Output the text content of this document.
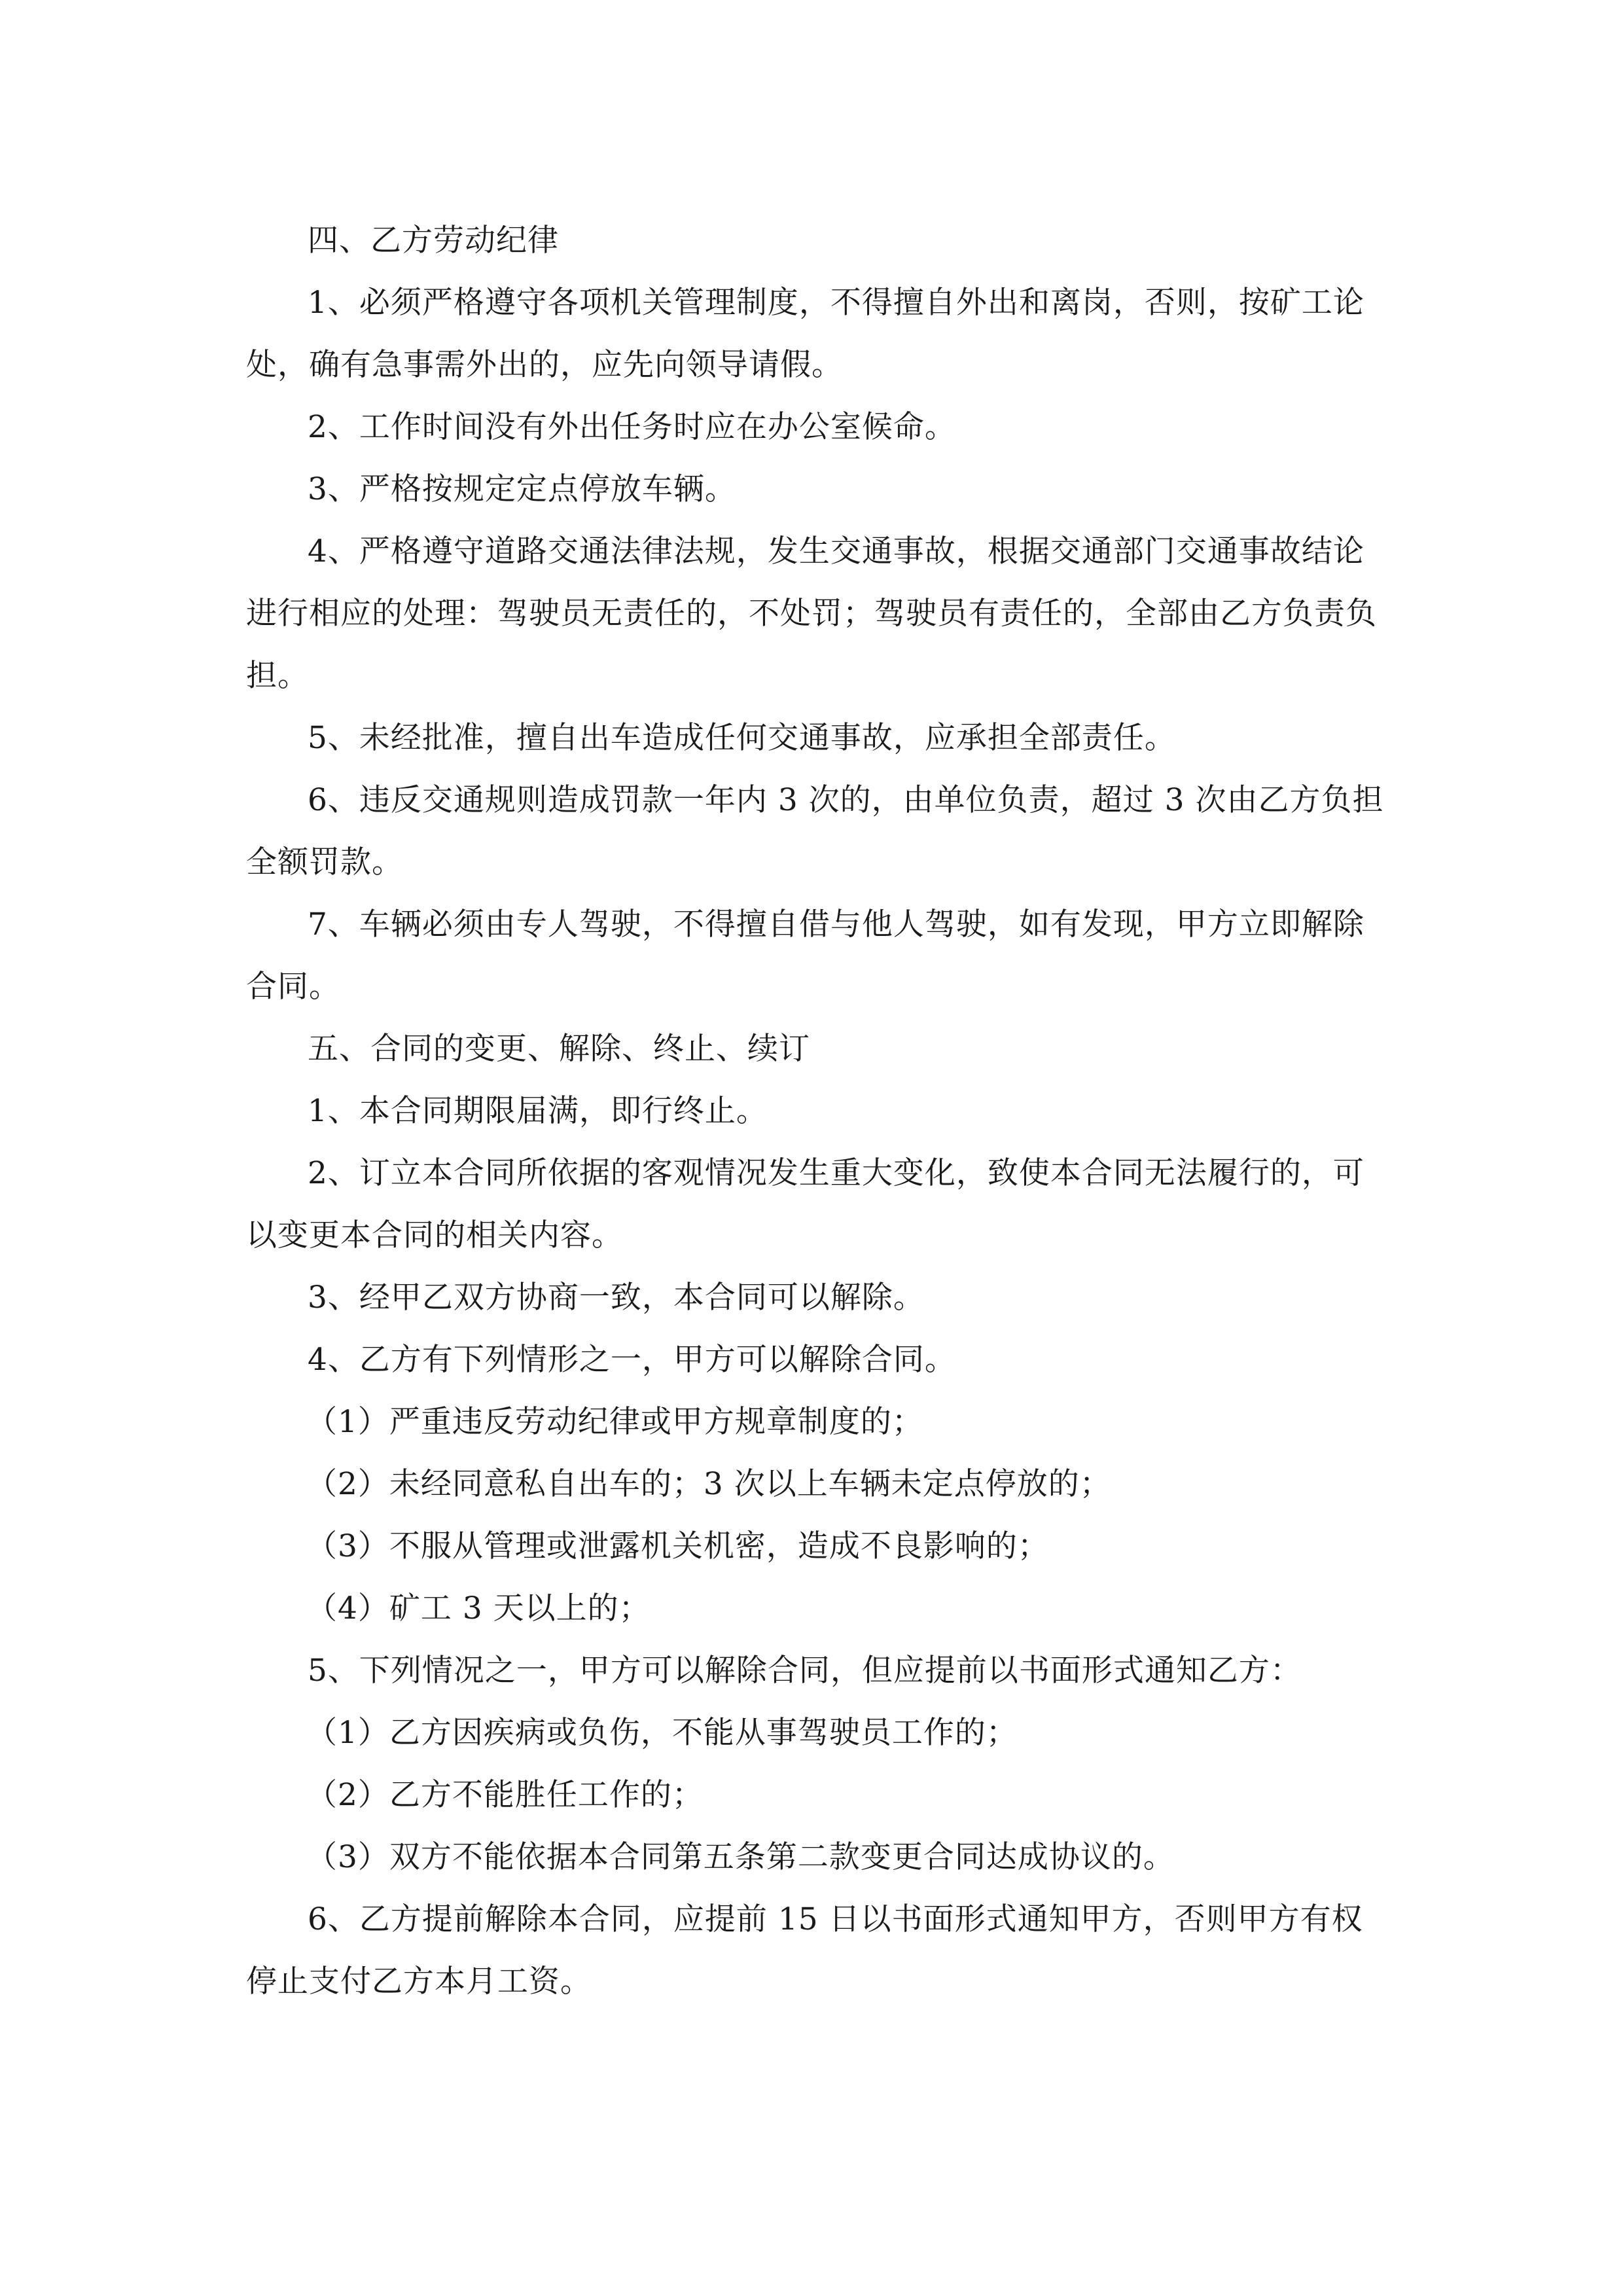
四、乙方劳动纪律

1、必须严格遵守各项机关管理制度，不得擅自外出和离岗，否则，按矿工论处，确有急事需外出的，应先向领导请假。

2、工作时间没有外出任务时应在办公室候命。

3、严格按规定定点停放车辆。

4、严格遵守道路交通法律法规，发生交通事故，根据交通部门交通事故结论进行相应的处理：驾驶员无责任的，不处罚；驾驶员有责任的，全部由乙方负责负担。

5、未经批准，擅自出车造成任何交通事故，应承担全部责任。

6、违反交通规则造成罚款一年内 3 次的，由单位负责，超过 3 次由乙方负担全额罚款。

7、车辆必须由专人驾驶，不得擅自借与他人驾驶，如有发现，甲方立即解除合同。

五、合同的变更、解除、终止、续订

1、本合同期限届满，即行终止。

2、订立本合同所依据的客观情况发生重大变化，致使本合同无法履行的，可以变更本合同的相关内容。

3、经甲乙双方协商一致，本合同可以解除。

4、乙方有下列情形之一，甲方可以解除合同。

（1）严重违反劳动纪律或甲方规章制度的；

（2）未经同意私自出车的；3 次以上车辆未定点停放的；

（3）不服从管理或泄露机关机密，造成不良影响的；

（4）矿工 3 天以上的；

5、下列情况之一，甲方可以解除合同，但应提前以书面形式通知乙方：

（1）乙方因疾病或负伤，不能从事驾驶员工作的；

（2）乙方不能胜任工作的；

（3）双方不能依据本合同第五条第二款变更合同达成协议的。

6、乙方提前解除本合同，应提前 15 日以书面形式通知甲方，否则甲方有权停止支付乙方本月工资。
